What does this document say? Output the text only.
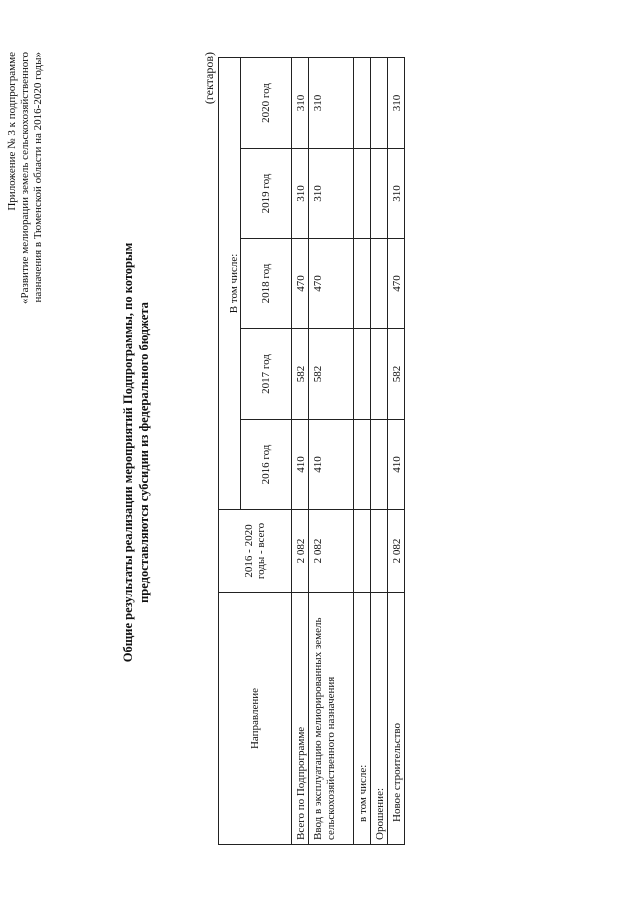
Приложение № 3 к подпрограмме «Развитие мелиорации земель сельскохозяйственного назначения в Тюменской области на 2016-2020 годы»
Общие результаты реализации мероприятий Подпрограммы, по которым предоставляются субсидии из федерального бюджета
(гектаров)
Направление	2016 - 2020 годы - всего	В том числе:				
		2016 год	2017 год	2018 год	2019 год	2020 год
Всего по Подпрограмме	2 082	410	582	470	310	310
Ввод в эксплуатацию мелиорированных земель сельскохозяйственного назначения	2 082	410	582	470	310	310
в том числе:						
Орошение:						
Новое строительство	2 082	410	582	470	310	310
